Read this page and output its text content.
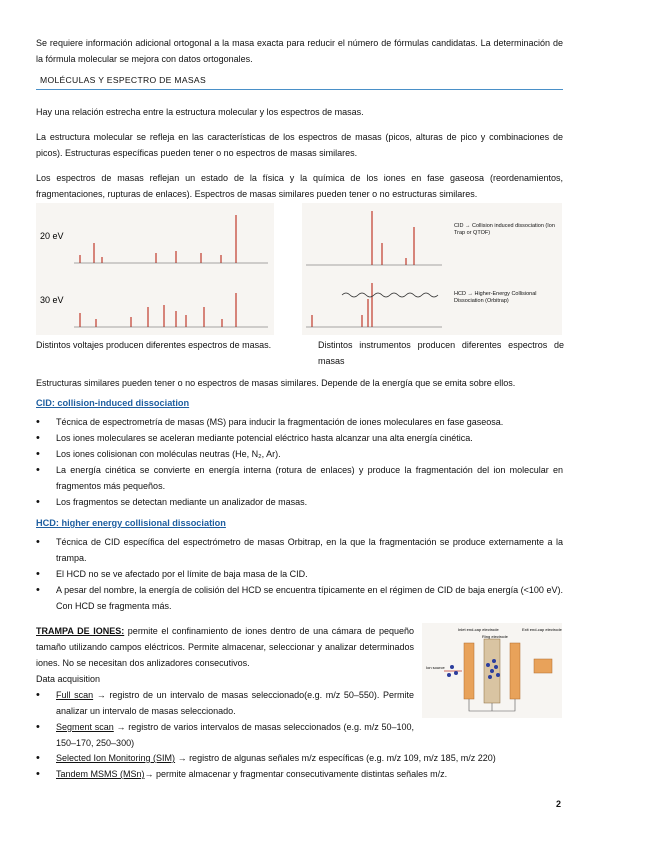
Se requiere información adicional ortogonal a la masa exacta para reducir el número de fórmulas candidatas. La determinación de la fórmula molecular se mejora con datos ortogonales.

MOLÉCULAS Y ESPECTRO DE MASAS

Hay una relación estrecha entre la estructura molecular y los espectros de masas.

La estructura molecular se refleja en las características de los espectros de masas (picos, alturas de pico y combinaciones de picos). Estructuras específicas pueden tener o no espectros de masas similares.

Los espectros de masas reflejan un estado de la física y la química de los iones en fase gaseosa (reordenamientos, fragmentaciones, rupturas de enlaces). Espectros de masas similares pueden tener o no estructuras similares.

20 eV
30 eV
Distintos voltajes producen diferentes espectros de masas.
CID → Collision induced dissociation (Ion Trap or QTOF)
HCD → Higher-Energy Collisional Dissociation (Orbitrap)
Distintos instrumentos producen diferentes espectros de masas

Estructuras similares pueden tener o no espectros de masas similares. Depende de la energía que se emita sobre ellos.

CID: collision-induced dissociation
• Técnica de espectrometría de masas (MS) para inducir la fragmentación de iones moleculares en fase gaseosa.
• Los iones moleculares se aceleran mediante potencial eléctrico hasta alcanzar una alta energía cinética.
• Los iones colisionan con moléculas neutras (He, N₂, Ar).
• La energía cinética se convierte en energía interna (rotura de enlaces) y produce la fragmentación del ion molecular en fragmentos más pequeños.
• Los fragmentos se detectan mediante un analizador de masas.
HCD: higher energy collisional dissociation
• Técnica de CID específica del espectrómetro de masas Orbitrap, en la que la fragmentación se produce externamente a la trampa.
• El HCD no se ve afectado por el límite de baja masa de la CID.
• A pesar del nombre, la energía de colisión del HCD se encuentra típicamente en el régimen de CID de baja energía (<100 eV). Con HCD se fragmenta más.

TRAMPA DE IONES: permite el confinamiento de iones dentro de una cámara de pequeño tamaño utilizando campos eléctricos. Permite almacenar, seleccionar y analizar determinados iones. No se necesitan dos anlizadores consecutivos.

Data acquisition
• Full scan → registro de un intervalo de masas seleccionado(e.g. m/z 50–550). Permite analizar un intervalo de masas seleccionado.
• Segment scan → registro de varios intervalos de masas seleccionados (e.g. m/z 50–100, 150–170, 250–300)
• Selected Ion Monitoring (SIM) → registro de algunas señales m/z específicas (e.g. m/z 109, m/z 185, m/z 220)
• Tandem MSMS (MSn)→ permite almacenar y fragmentar consecutivamente distintas señales m/z.
Inlet end-cap electrode
Ring electrode
Exit end-cap electrode
Ion source
2
